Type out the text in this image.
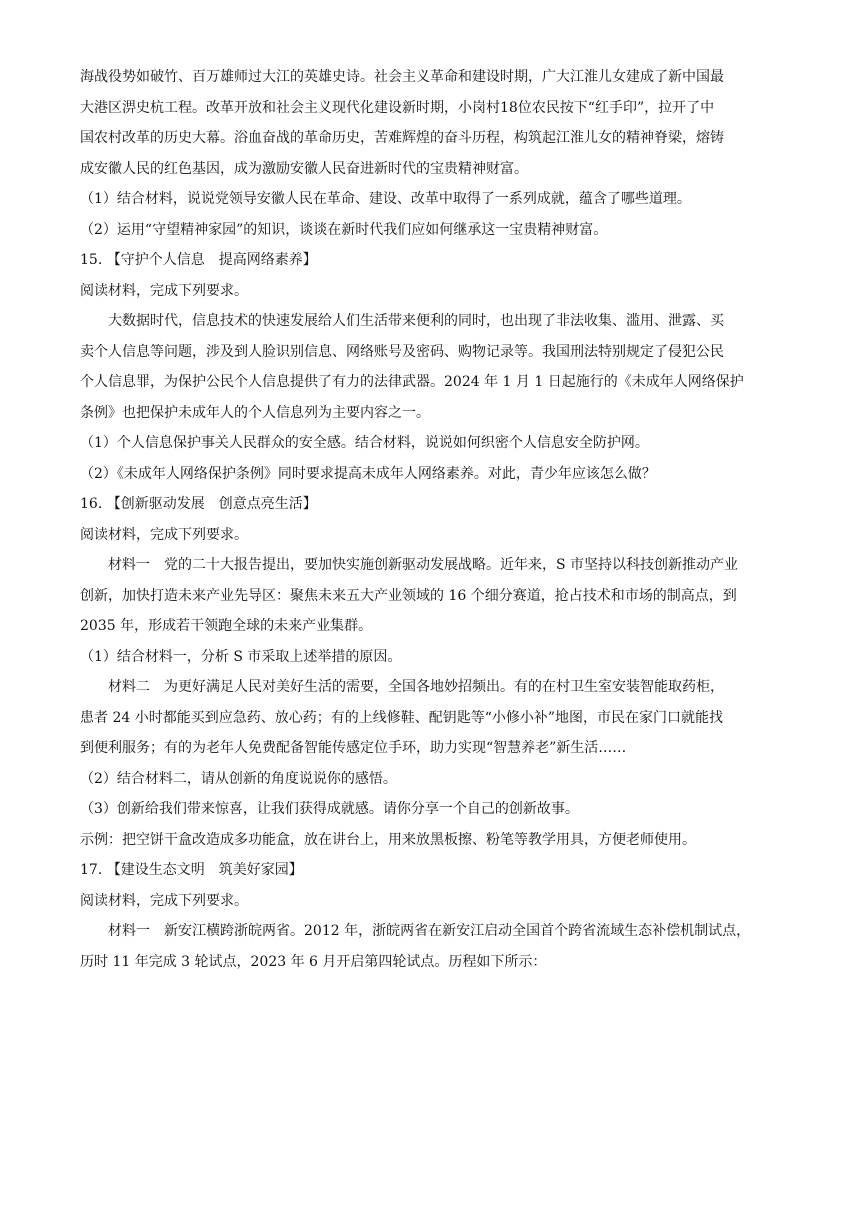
海战役势如破竹、百万雄师过大江的英雄史诗。社会主义革命和建设时期，广大江淮儿女建成了新中国最
大港区淠史杭工程。改革开放和社会主义现代化建设新时期，小岗村18位农民按下“红手印”，拉开了中
国农村改革的历史大幕。浴血奋战的革命历史，苦难辉煌的奋斗历程，构筑起江淮儿女的精神脊梁，熔铸
成安徽人民的红色基因，成为激励安徽人民奋进新时代的宝贵精神财富。
（1）结合材料，说说党领导安徽人民在革命、建设、改革中取得了一系列成就，蕴含了哪些道理。
（2）运用“守望精神家园”的知识，谈谈在新时代我们应如何继承这一宝贵精神财富。
15. 【守护个人信息　提高网络素养】
阅读材料，完成下列要求。
大数据时代，信息技术的快速发展给人们生活带来便利的同时，也出现了非法收集、滥用、泄露、买
卖个人信息等问题，涉及到人脸识别信息、网络账号及密码、购物记录等。我国刑法特别规定了侵犯公民
个人信息罪，为保护公民个人信息提供了有力的法律武器。2024 年 1 月 1 日起施行的《未成年人网络保护
条例》也把保护未成年人的个人信息列为主要内容之一。
（1）个人信息保护事关人民群众的安全感。结合材料，说说如何织密个人信息安全防护网。
（2）《未成年人网络保护条例》同时要求提高未成年人网络素养。对此，青少年应该怎么做？
16. 【创新驱动发展　创意点亮生活】
阅读材料，完成下列要求。
材料一　党的二十大报告提出，要加快实施创新驱动发展战略。近年来，S 市坚持以科技创新推动产业
创新，加快打造未来产业先导区：聚焦未来五大产业领域的 16 个细分赛道，抢占技术和市场的制高点，到
2035 年，形成若干领跑全球的未来产业集群。
（1）结合材料一，分析 S 市采取上述举措的原因。
材料二　为更好满足人民对美好生活的需要，全国各地妙招频出。有的在村卫生室安装智能取药柜，
患者 24 小时都能买到应急药、放心药；有的上线修鞋、配钥匙等“小修小补”地图，市民在家门口就能找
到便利服务；有的为老年人免费配备智能传感定位手环，助力实现“智慧养老”新生活……
（2）结合材料二，请从创新的角度说说你的感悟。
（3）创新给我们带来惊喜，让我们获得成就感。请你分享一个自己的创新故事。
示例：把空饼干盒改造成多功能盒，放在讲台上，用来放黑板擦、粉笔等教学用具，方便老师使用。
17. 【建设生态文明　筑美好家园】
阅读材料，完成下列要求。
材料一　新安江横跨浙皖两省。2012 年，浙皖两省在新安江启动全国首个跨省流域生态补偿机制试点，
历时 11 年完成 3 轮试点，2023 年 6 月开启第四轮试点。历程如下所示：
